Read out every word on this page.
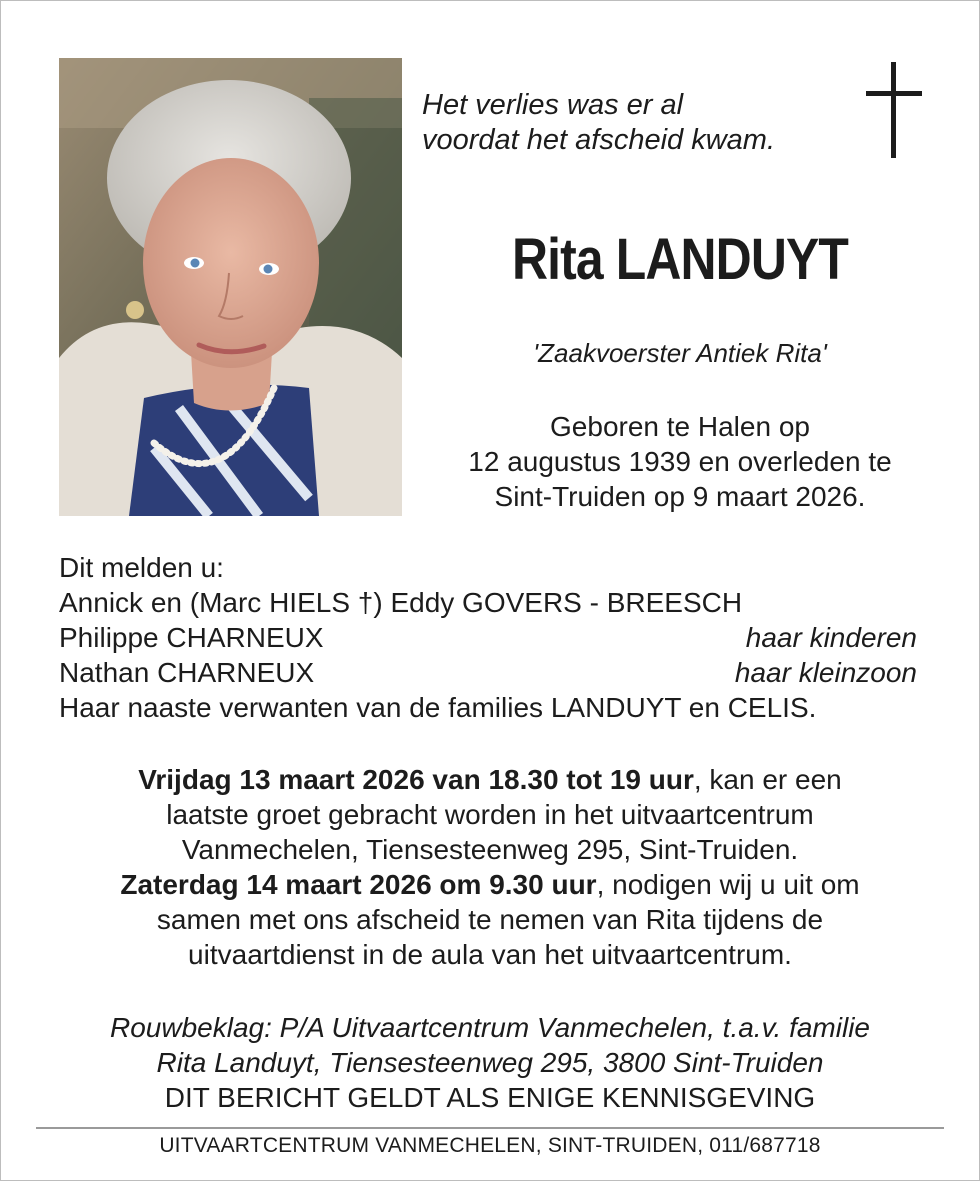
Het verlies was er al
voordat het afscheid kwam.
Rita LANDUYT
'Zaakvoerster Antiek Rita'
Geboren te Halen op
12 augustus 1939 en overleden te
Sint-Truiden op 9 maart 2026.
Dit melden u:
Annick en (Marc HIELS †) Eddy GOVERS - BREESCH
Philippe CHARNEUX	haar kinderen
Nathan CHARNEUX	haar kleinzoon
Haar naaste verwanten van de families LANDUYT en CELIS.
Vrijdag 13 maart 2026 van 18.30 tot 19 uur, kan er een
laatste groet gebracht worden in het uitvaartcentrum
Vanmechelen, Tiensesteenweg 295, Sint-Truiden.
Zaterdag 14 maart 2026 om 9.30 uur, nodigen wij u uit om
samen met ons afscheid te nemen van Rita tijdens de
uitvaartdienst in de aula van het uitvaartcentrum.
Rouwbeklag: P/A Uitvaartcentrum Vanmechelen, t.a.v. familie
Rita Landuyt, Tiensesteenweg 295, 3800 Sint-Truiden
DIT BERICHT GELDT ALS ENIGE KENNISGEVING
UITVAARTCENTRUM VANMECHELEN, SINT-TRUIDEN, 011/687718
